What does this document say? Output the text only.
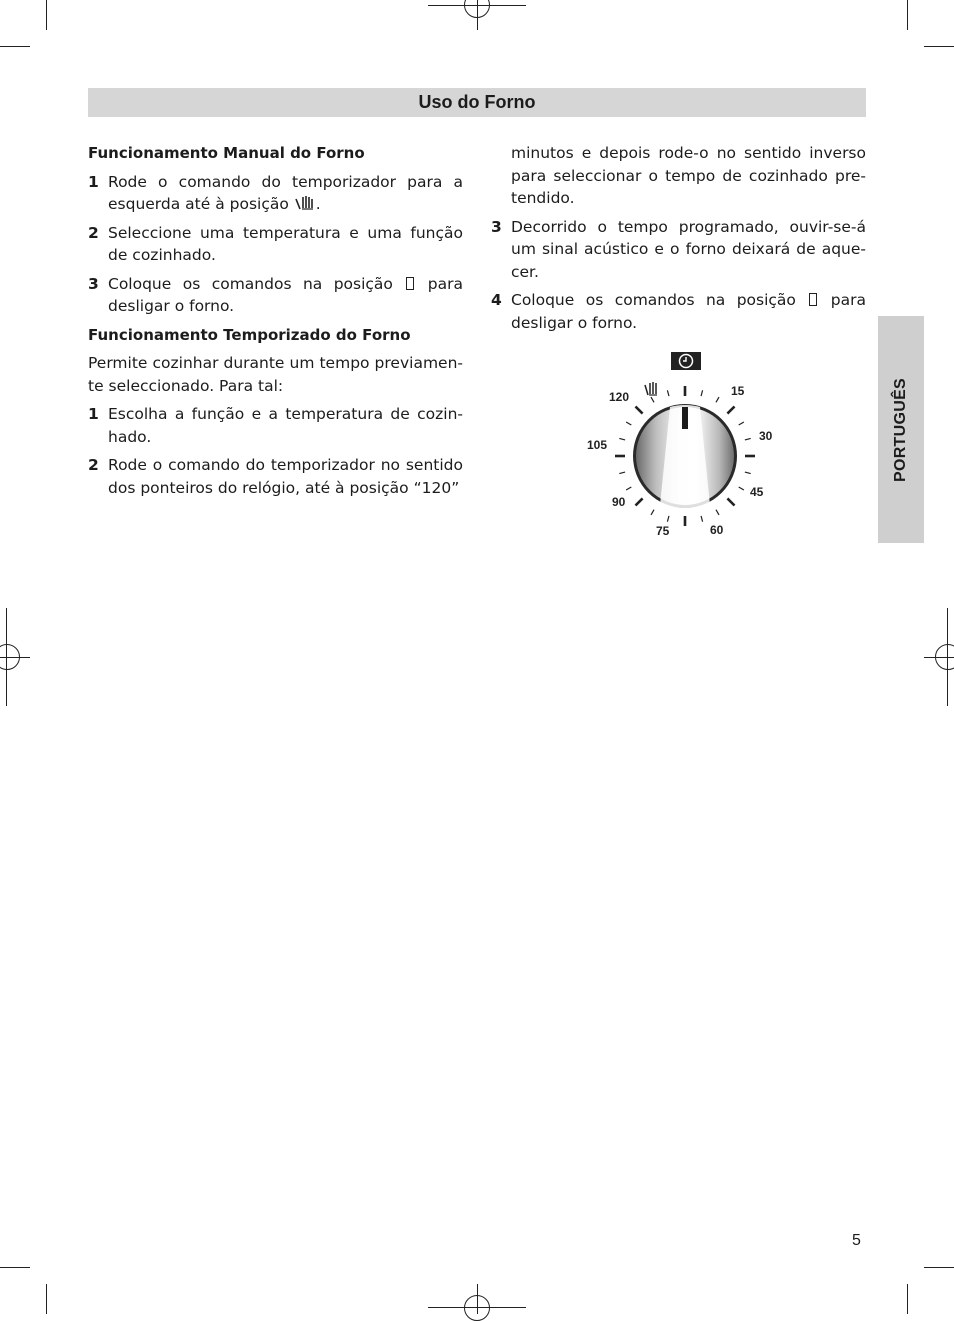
Uso do Forno
Funcionamento Manual do Forno
1 Rode o comando do temporizador para a esquerda até à posição .
2 Seleccione uma temperatura e uma função de cozinhado.
3 Coloque os comandos na posição para desligar o forno.
Funcionamento Temporizado do Forno
Permite cozinhar durante um tempo previamen-te seleccionado. Para tal:
1 Escolha a função e a temperatura de cozin-hado.
2 Rode o comando do temporizador no sentido dos ponteiros do relógio, até à posição “120”
minutos e depois rode-o no sentido inverso para seleccionar o tempo de cozinhado pre-tendido.
3 Decorrido o tempo programado, ouvir-se-á um sinal acústico e o forno deixará de aque-cer.
4 Coloque os comandos na posição para desligar o forno.
15
30
45
60
75
90
105
120	PORTUGUÊS
5
